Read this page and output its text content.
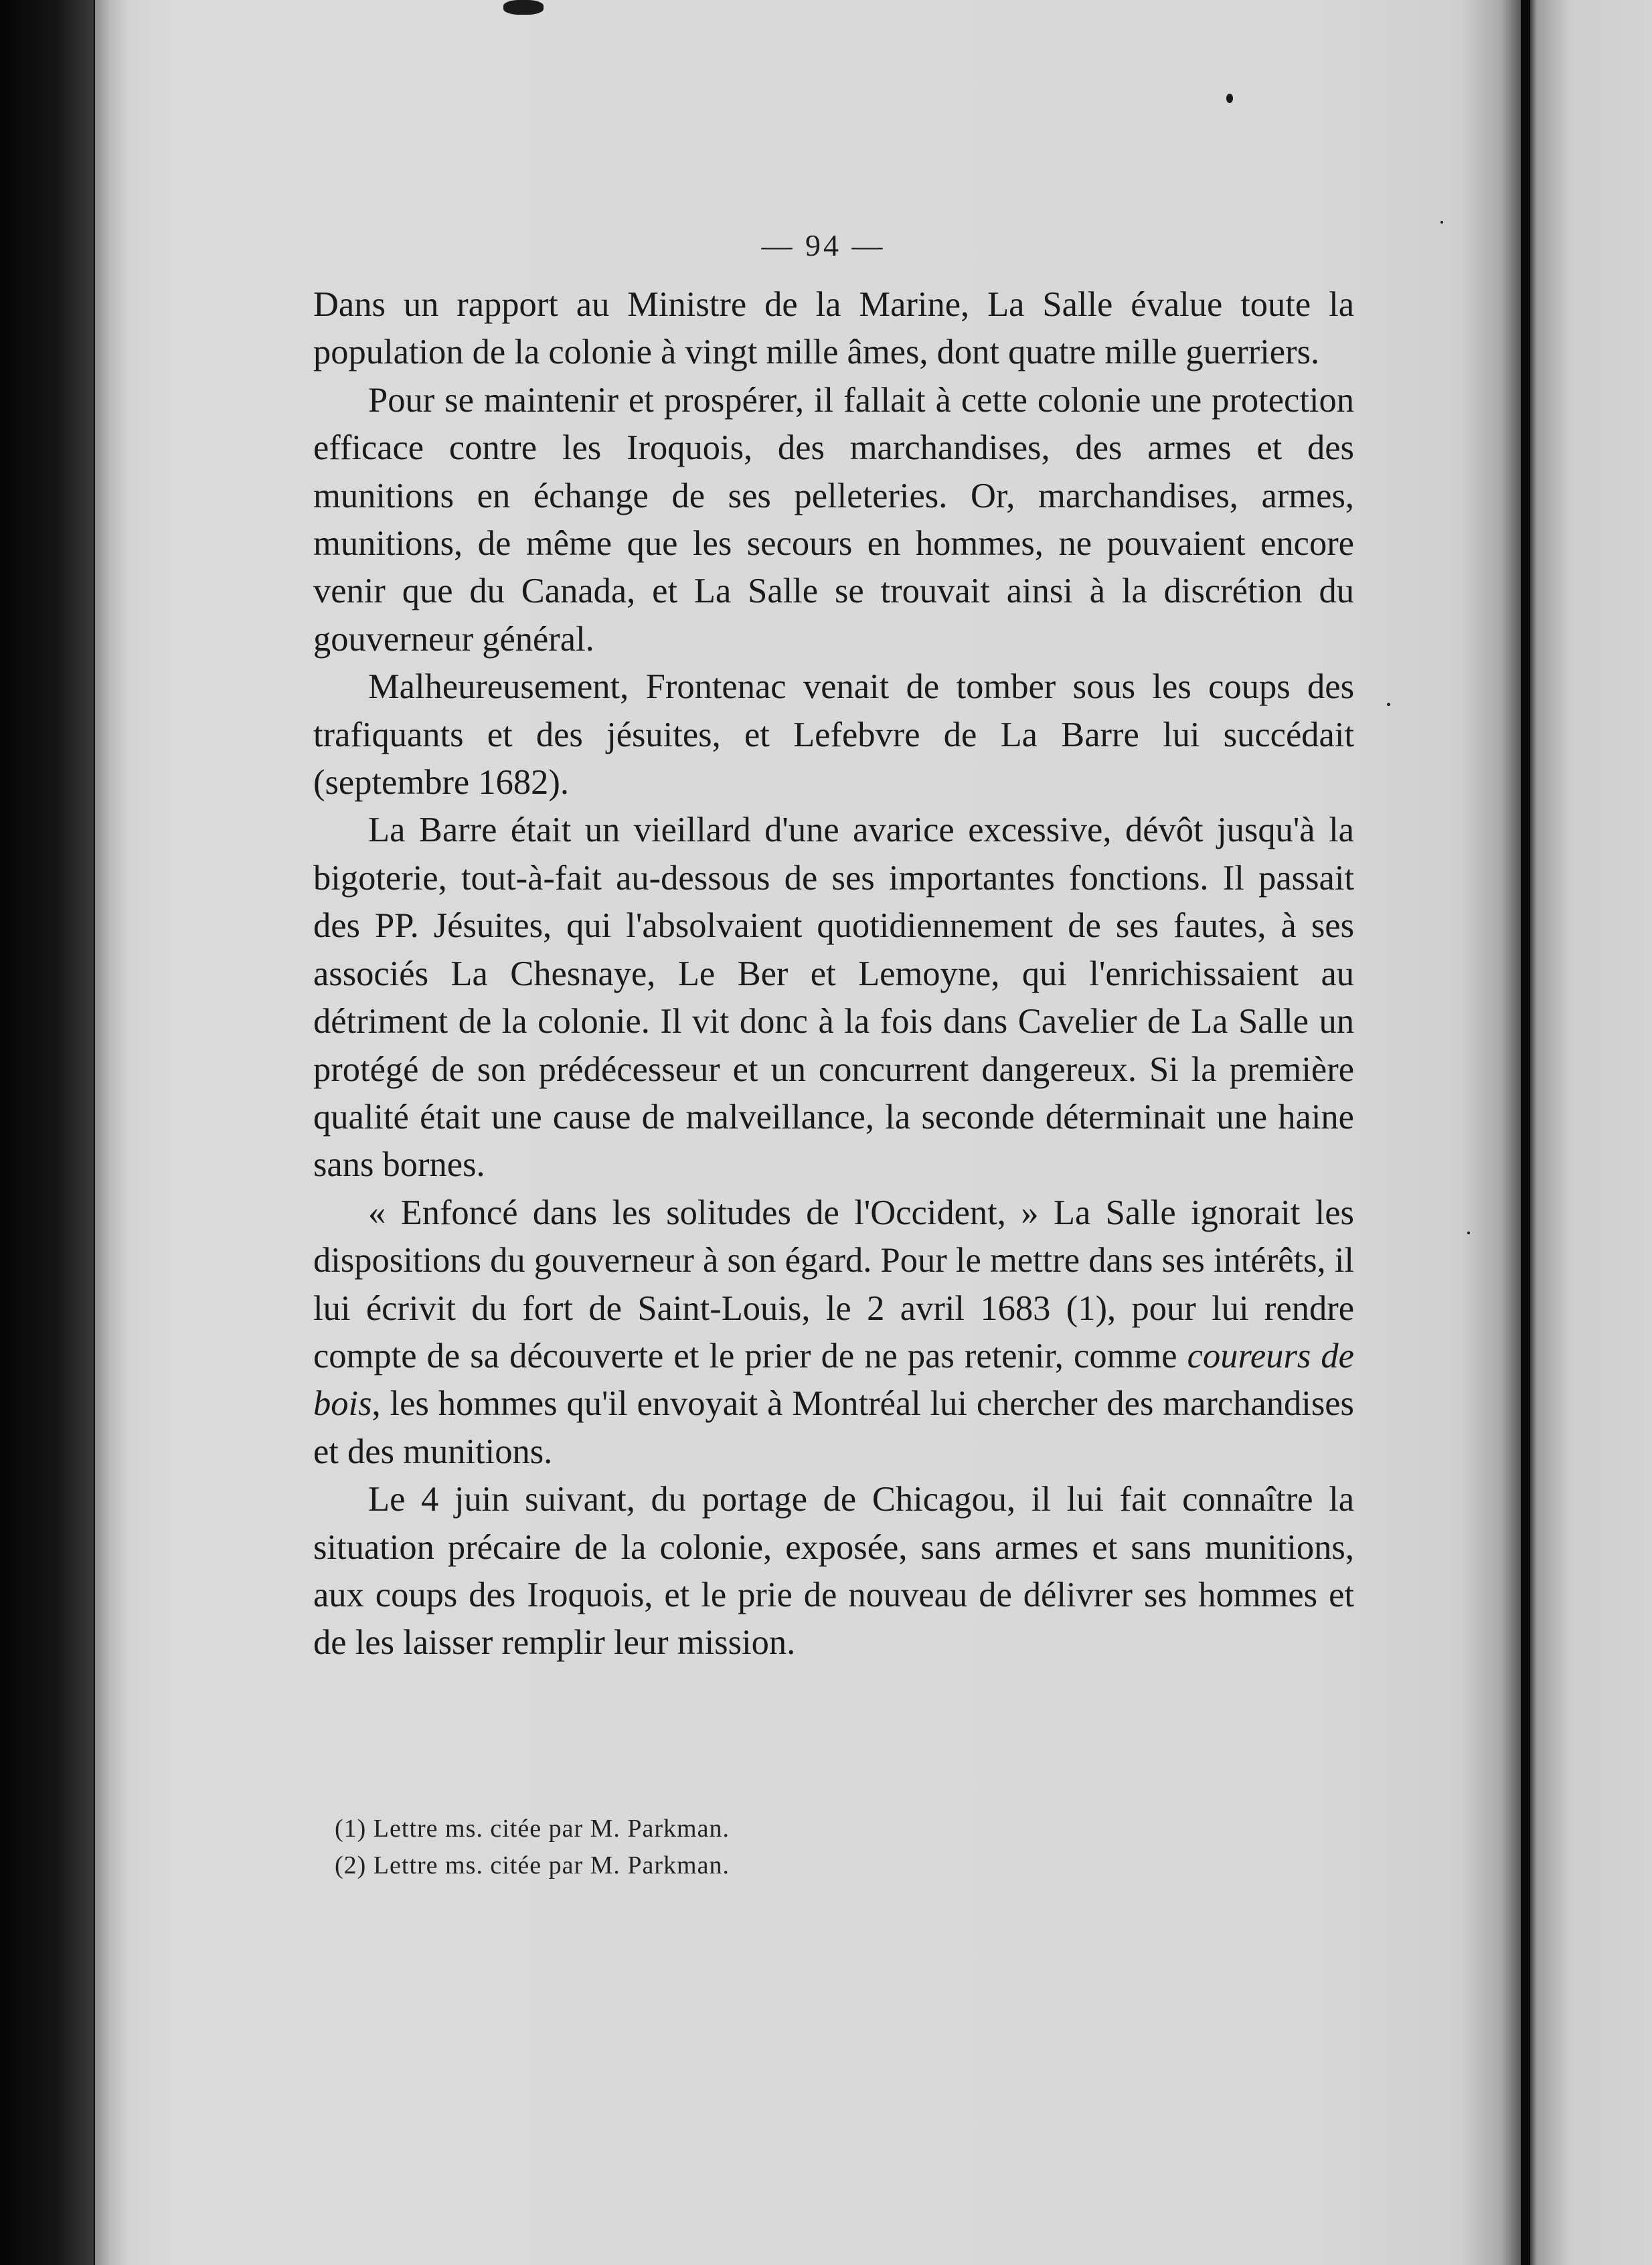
— 94 —

Dans un rapport au Ministre de la Marine, La Salle évalue toute la population de la colonie à vingt mille âmes, dont quatre mille guerriers.

Pour se maintenir et prospérer, il fallait à cette colonie une protection efficace contre les Iroquois, des marchandises, des armes et des munitions en échange de ses pelleteries. Or, marchandises, armes, munitions, de même que les secours en hommes, ne pouvaient encore venir que du Canada, et La Salle se trouvait ainsi à la discrétion du gouverneur général.

Malheureusement, Frontenac venait de tomber sous les coups des trafiquants et des jésuites, et Lefebvre de La Barre lui succédait (septembre 1682).

La Barre était un vieillard d'une avarice excessive, dévôt jusqu'à la bigoterie, tout-à-fait au-dessous de ses importantes fonctions. Il passait des PP. Jésuites, qui l'absolvaient quotidiennement de ses fautes, à ses associés La Chesnaye, Le Ber et Lemoyne, qui l'enrichissaient au détriment de la colonie. Il vit donc à la fois dans Cavelier de La Salle un protégé de son prédécesseur et un concurrent dangereux. Si la première qualité était une cause de malveillance, la seconde déterminait une haine sans bornes.

« Enfoncé dans les solitudes de l'Occident, » La Salle ignorait les dispositions du gouverneur à son égard. Pour le mettre dans ses intérêts, il lui écrivit du fort de Saint-Louis, le 2 avril 1683 (1), pour lui rendre compte de sa découverte et le prier de ne pas retenir, comme coureurs de bois, les hommes qu'il envoyait à Montréal lui chercher des marchandises et des munitions.

Le 4 juin suivant, du portage de Chicagou, il lui fait connaître la situation précaire de la colonie, exposée, sans armes et sans munitions, aux coups des Iroquois, et le prie de nouveau de délivrer ses hommes et de les laisser remplir leur mission.

(1) Lettre ms. citée par M. Parkman.
(2) Lettre ms. citée par M. Parkman.
